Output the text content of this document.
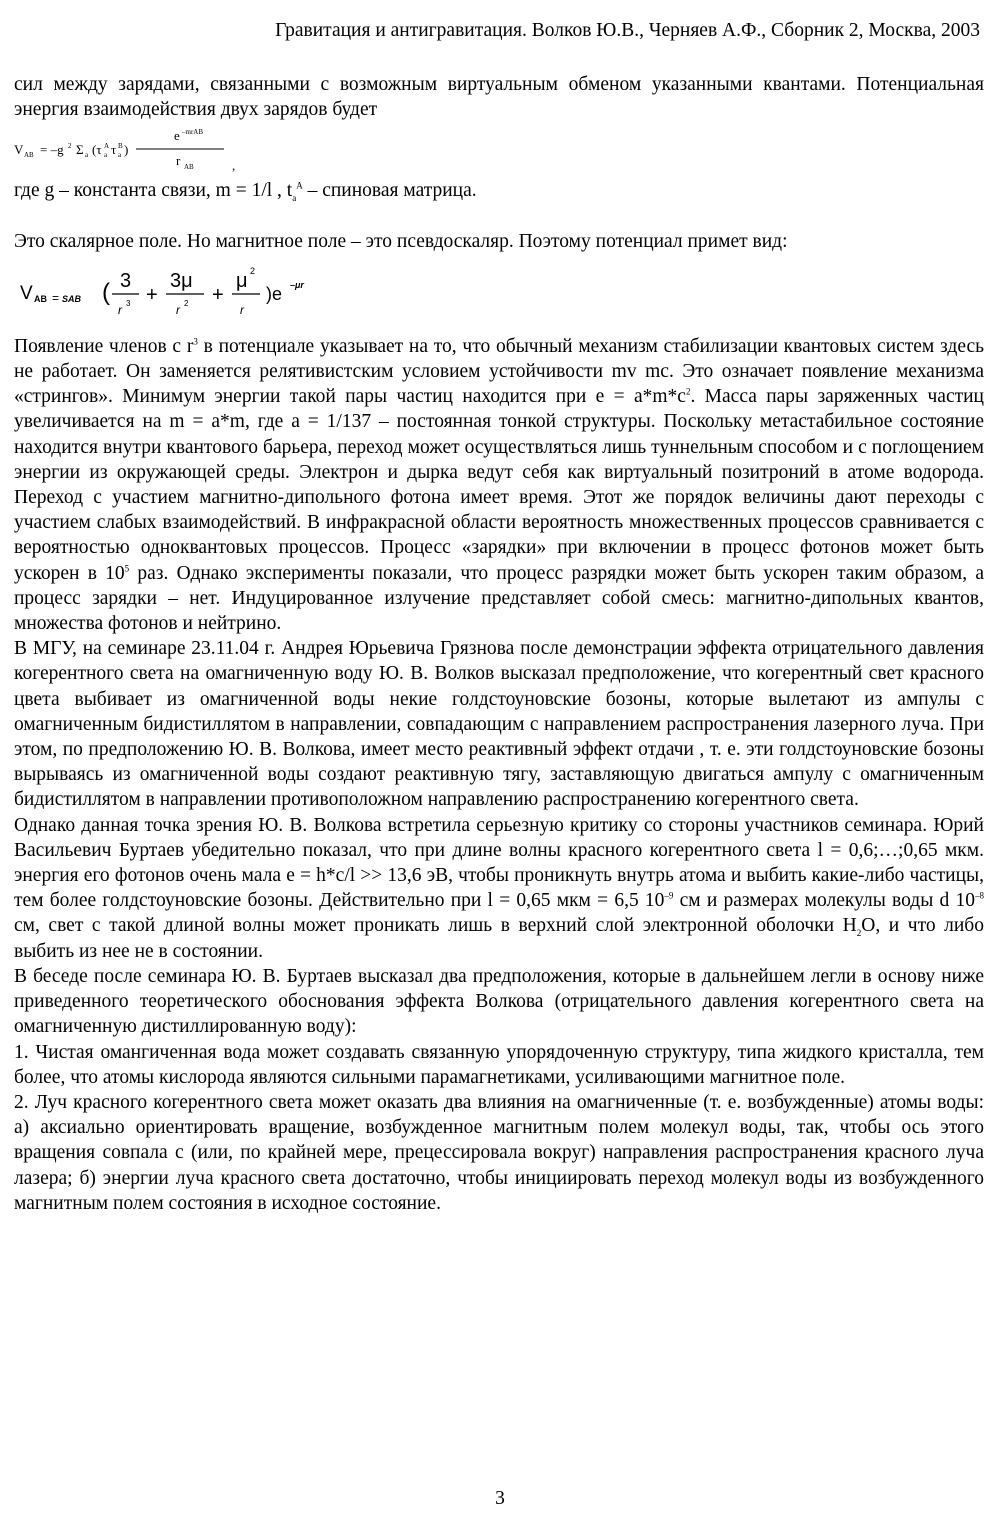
Гравитация и антигравитация. Волков Ю.В., Черняев А.Ф., Сборник 2, Москва, 2003

сил между зарядами, связанными с возможным виртуальным обменом указанными квантами. Потенциальная энергия взаимодействия двух зарядов будет

V AB = –g 2 Σ a (τ A
a τ B
a )
e –mrAB
r AB	,

где g – константа связи, m = 1/l , $t_a^A$ – спиновая матрица.

Это скалярное поле. Но магнитное поле – это псевдоскаляр. Поэтому потенциал примет вид:

V AB = SAB ( 3
r 3 +
3μ
r 2 +
μ 2
r
)e –μr

Появление членов с $r^3$ в потенциале указывает на то, что обычный механизм стабилизации квантовых систем здесь не работает. Он заменяется релятивистским условием устойчивости mv mc. Это означает появление механизма «стрингов». Минимум энергии такой пары частиц находится при $e = a*m*c^2$. Масса пары заряженных частиц увеличивается на m = a*m, где a = 1/137 – постоянная тонкой структуры. Поскольку метастабильное состояние находится внутри квантового барьера, переход может осуществляться лишь туннельным способом и с поглощением энергии из окружающей среды. Электрон и дырка ведут себя как виртуальный позитроний в атоме водорода. Переход с участием магнитно-дипольного фотона имеет время. Этот же порядок величины дают переходы с участием слабых взаимодействий. В инфракрасной области вероятность множественных процессов сравнивается с вероятностью одноквантовых процессов. Процесс «зарядки» при включении в процесс фотонов может быть ускорен в $10^5$ раз. Однако эксперименты показали, что процесс разрядки может быть ускорен таким образом, а процесс зарядки – нет. Индуцированное излучение представляет собой смесь: магнитно-дипольных квантов, множества фотонов и нейтрино.

В МГУ, на семинаре 23.11.04 г. Андрея Юрьевича Грязнова после демонстрации эффекта отрицательного давления когерентного света на омагниченную воду Ю. В. Волков высказал предположение, что когерентный свет красного цвета выбивает из омагниченной воды некие голдстоуновские бозоны, которые вылетают из ампулы с омагниченным бидистиллятом в направлении, совпадающим с направлением распространения лазерного луча. При этом, по предположению Ю. В. Волкова, имеет место реактивный эффект отдачи , т. е. эти голдстоуновские бозоны вырываясь из омагниченной воды создают реактивную тягу, заставляющую двигаться ампулу с омагниченным бидистиллятом в направлении противоположном направлению распространению когерентного света.

Однако данная точка зрения Ю. В. Волкова встретила серьезную критику со стороны участников семинара. Юрий Васильевич Буртаев убедительно показал, что при длине волны красного когерентного света l = 0,6;…;0,65 мкм. энергия его фотонов очень мала e = h*c/l >> 13,6 эВ, чтобы проникнуть внутрь атома и выбить какие-либо частицы, тем более голдстоуновские бозоны. Действительно при l = 0,65 мкм = 6,5 $10^{-9}$ см и размерах молекулы воды d $10^{-8}$ см, свет с такой длиной волны может проникать лишь в верхний слой электронной оболочки $H_2O$, и что либо выбить из нее не в состоянии.

В беседе после семинара Ю. В. Буртаев высказал два предположения, которые в дальнейшем легли в основу ниже приведенного теоретического обоснования эффекта Волкова (отрицательного давления когерентного света на омагниченную дистиллированную воду):

1. Чистая омангиченная вода может создавать связанную упорядоченную структуру, типа жидкого кристалла, тем более, что атомы кислорода являются сильными парамагнетиками, усиливающими магнитное поле.

2. Луч красного когерентного света может оказать два влияния на омагниченные (т. е. возбужденные) атомы воды: а) аксиально ориентировать вращение, возбужденное магнитным полем молекул воды, так, чтобы ось этого вращения совпала с (или, по крайней мере, прецессировала вокруг) направления распространения красного луча лазера; б) энергии луча красного света достаточно, чтобы инициировать переход молекул воды из возбужденного магнитным полем состояния в исходное состояние.

3
